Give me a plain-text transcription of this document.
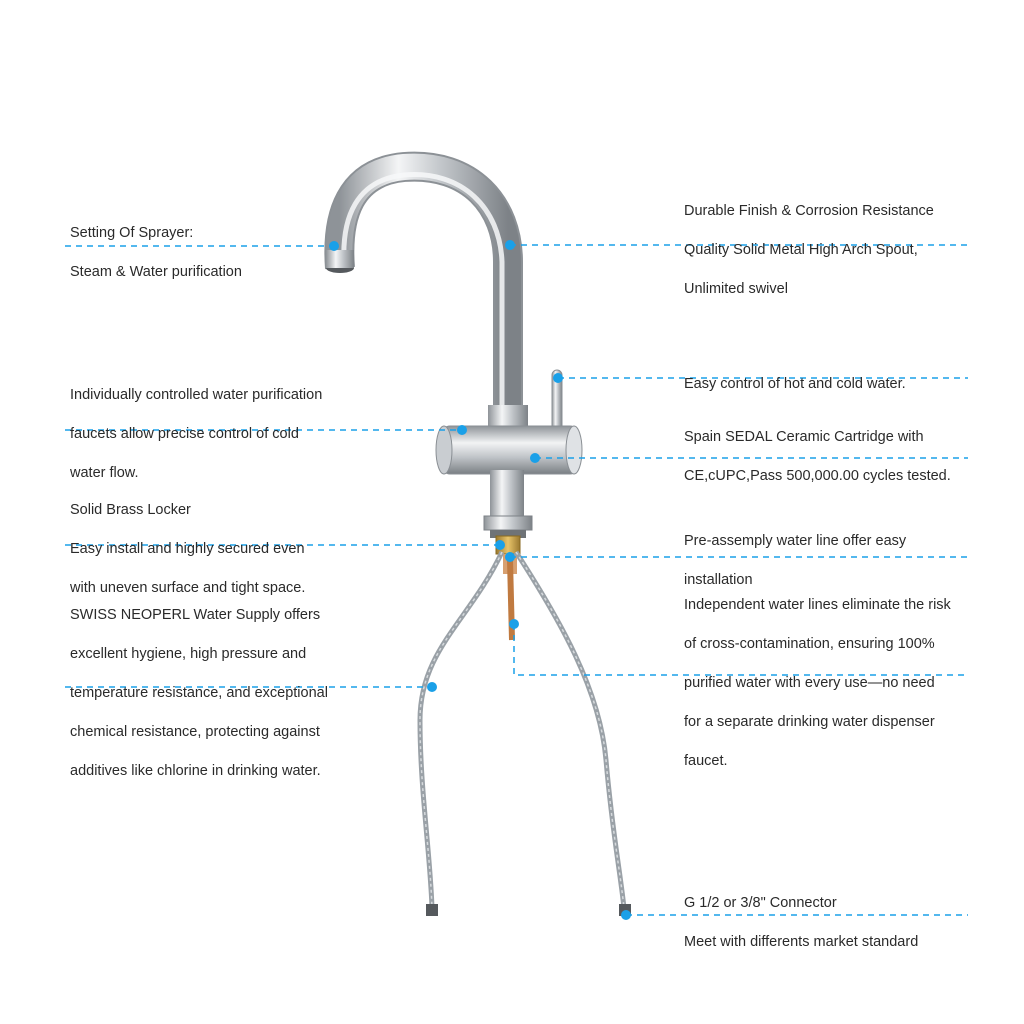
Setting Of Sprayer:

Steam & Water purification

Durable Finish & Corrosion Resistance

Quality Solid Metal High Arch Spout,

Unlimited swivel

Individually controlled water purification

faucets allow precise control of cold

water flow.

Easy control of hot and cold water.

Spain SEDAL Ceramic Cartridge with

CE,cUPC,Pass 500,000.00 cycles tested.

Solid Brass Locker

Easy install and highly secured even

with uneven surface and tight space.

Pre-assemply water line offer easy

installation

SWISS NEOPERL Water Supply offers

excellent hygiene, high pressure and

temperature resistance, and exceptional

chemical resistance, protecting against

additives like chlorine in drinking water.

Independent water lines eliminate the risk

of cross-contamination, ensuring 100%

purified water with every use—no need

for a separate drinking water dispenser

faucet.

G 1/2 or 3/8" Connector

Meet with differents market standard
